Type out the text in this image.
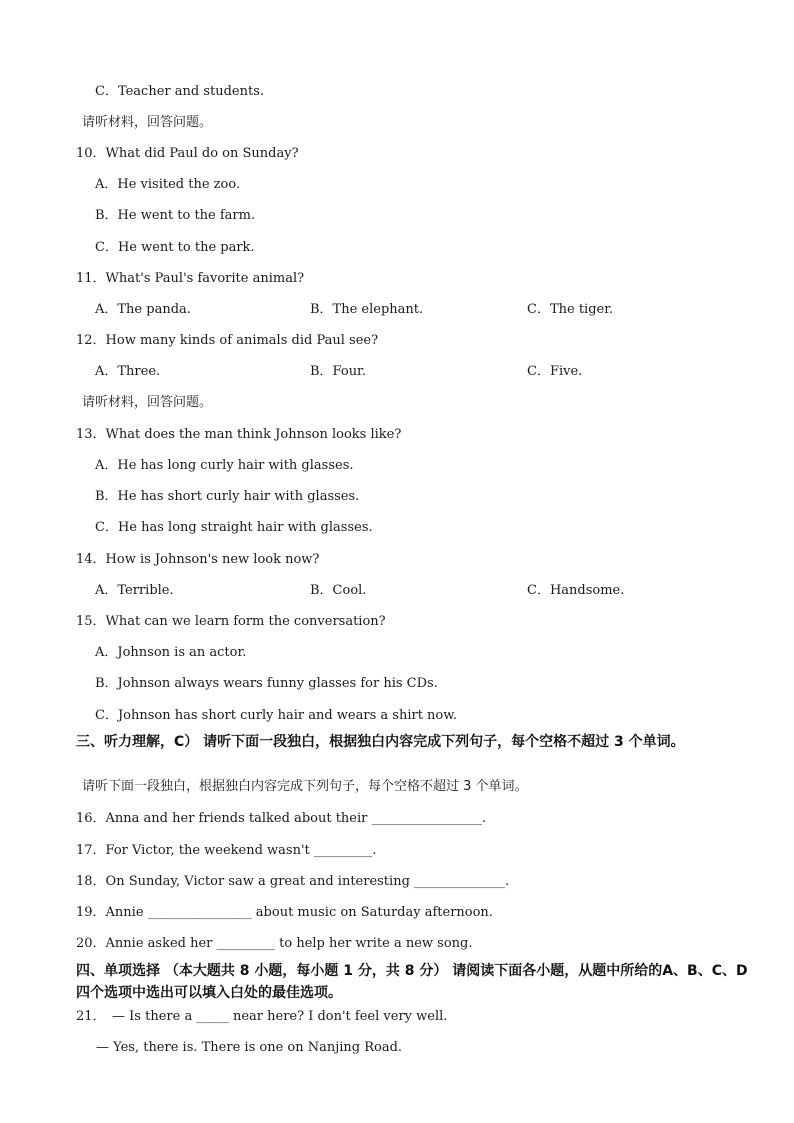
C．Teacher and students.
请听材料，回答问题。
10．What did Paul do on Sunday?
A．He visited the zoo.
B．He went to the farm.
C．He went to the park.
11．What's Paul's favorite animal?
A．The panda.	B．The elephant.	C．The tiger.
12．How many kinds of animals did Paul see?
A．Three.	B．Four.	C．Five.
请听材料，回答问题。
13．What does the man think Johnson looks like?
A．He has long curly hair with glasses.
B．He has short curly hair with glasses.
C．He has long straight hair with glasses.
14．How is Johnson's new look now?
A．Terrible.	B．Cool.	C．Handsome.
15．What can we learn form the conversation?
A．Johnson is an actor.
B．Johnson always wears funny glasses for his CDs.
C．Johnson has short curly hair and wears a shirt now.
三、听力理解，C） 请听下面一段独白，根据独白内容完成下列句子，每个空格不超过 3 个单词。
请听下面一段独白，根据独白内容完成下列句子，每个空格不超过 3 个单词。
16．Anna and her friends talked about their _________________.
17．For Victor, the weekend wasn't _________.
18．On Sunday, Victor saw a great and interesting ______________.
19．Annie ________________ about music on Saturday afternoon.
20．Annie asked her _________ to help her write a new song.
四、单项选择 （本大题共 8 小题，每小题 1 分，共 8 分） 请阅读下面各小题，从题中所给的A、B、C、D 四个选项中选出可以填入白处的最佳选项。
21．　— Is there a _____ near here? I don't feel very well.
— Yes, there is. There is one on Nanjing Road.
